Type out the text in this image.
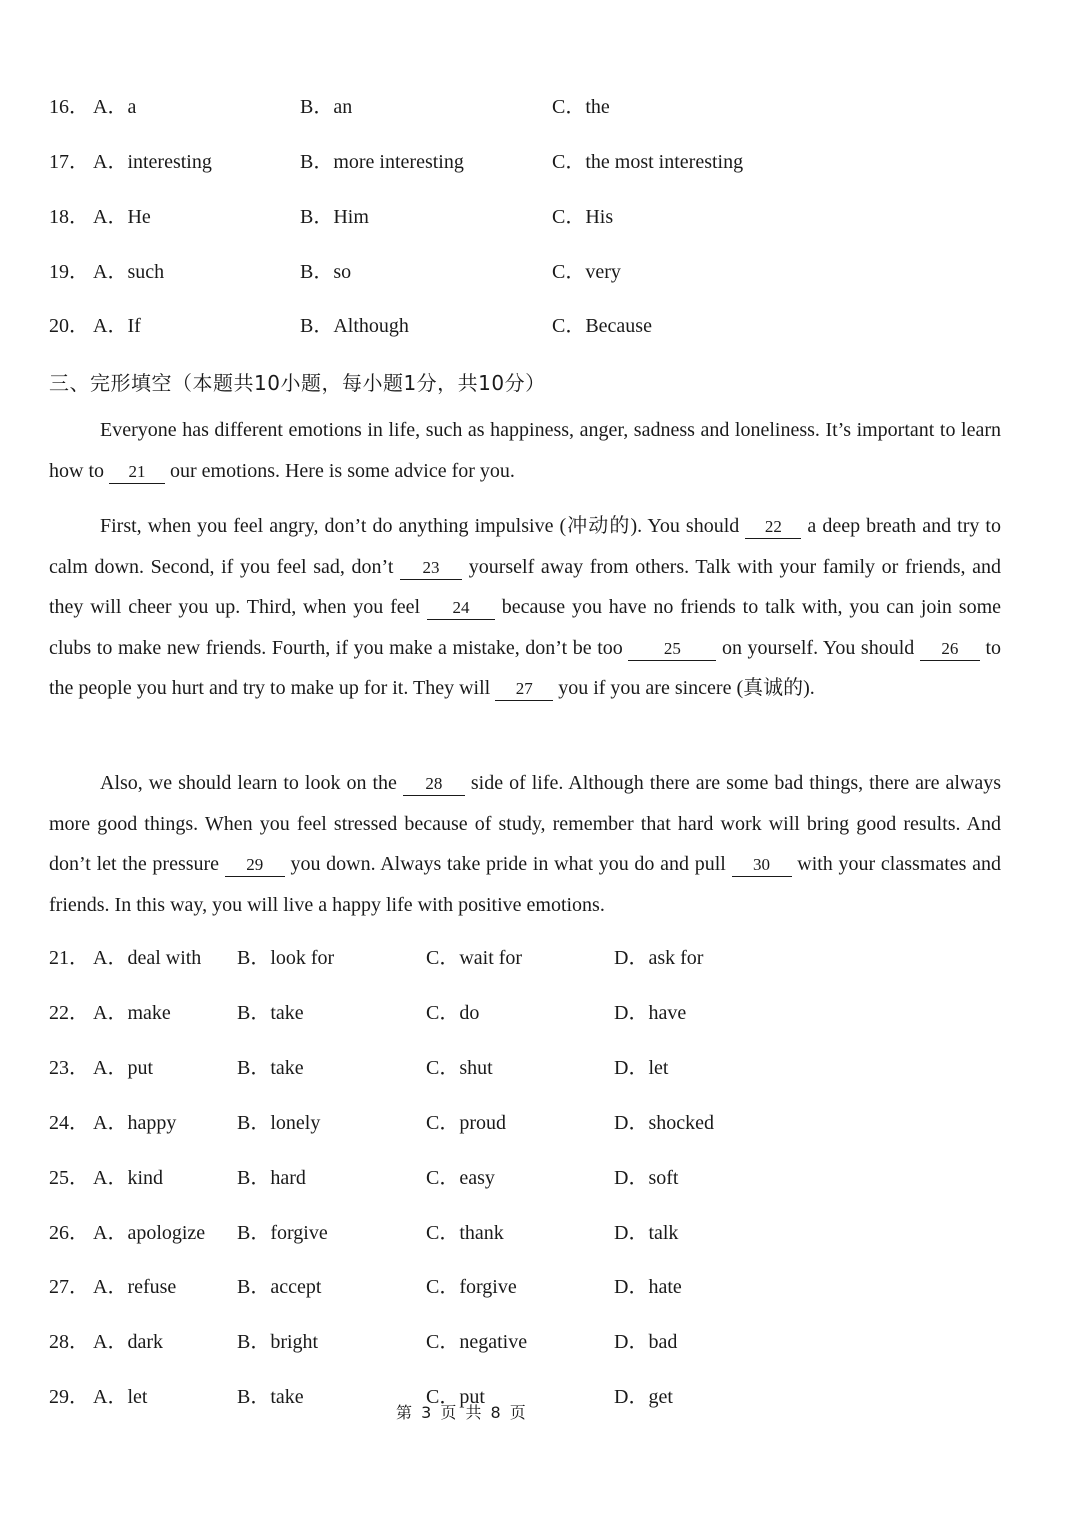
16． A．a	B．an	C．the
17． A．interesting	B．more interesting	C．the most interesting
18． A．He	B．Him	C．His
19． A．such	B．so	C．very
20． A．If	B．Although	C．Because
三、完形填空（本题共10小题，每小题1分，共10分）

Everyone has different emotions in life, such as happiness, anger, sadness and loneliness. It’s important to learn how to 21 our emotions. Here is some advice for you.

First, when you feel angry, don’t do anything impulsive (冲动的). You should 22 a deep breath and try to calm down. Second, if you feel sad, don’t 23 yourself away from others. Talk with your family or friends, and they will cheer you up. Third, when you feel 24 because you have no friends to talk with, you can join some clubs to make new friends. Fourth, if you make a mistake, don’t be too 25 on yourself. You should 26 to the people you hurt and try to make up for it. They will 27 you if you are sincere (真诚的).

Also, we should learn to look on the 28 side of life. Although there are some bad things, there are always more good things. When you feel stressed because of study, remember that hard work will bring good results. And don’t let the pressure 29 you down. Always take pride in what you do and pull 30 with your classmates and friends. In this way, you will live a happy life with positive emotions.

21． A．deal with B．look for	C．wait for	D．ask for
22． A．make	B．take	C．do	D．have
23． A．put	B．take	C．shut	D．let
24． A．happy	B．lonely	C．proud	D．shocked
25． A．kind	B．hard	C．easy	D．soft
26． A．apologize B．forgive	C．thank	D．talk
27． A．refuse	B．accept	C．forgive	D．hate
28． A．dark	B．bright	C．negative	D．bad
29． A．let	B．take	C．put	D．get
第 3 页 共 8 页
